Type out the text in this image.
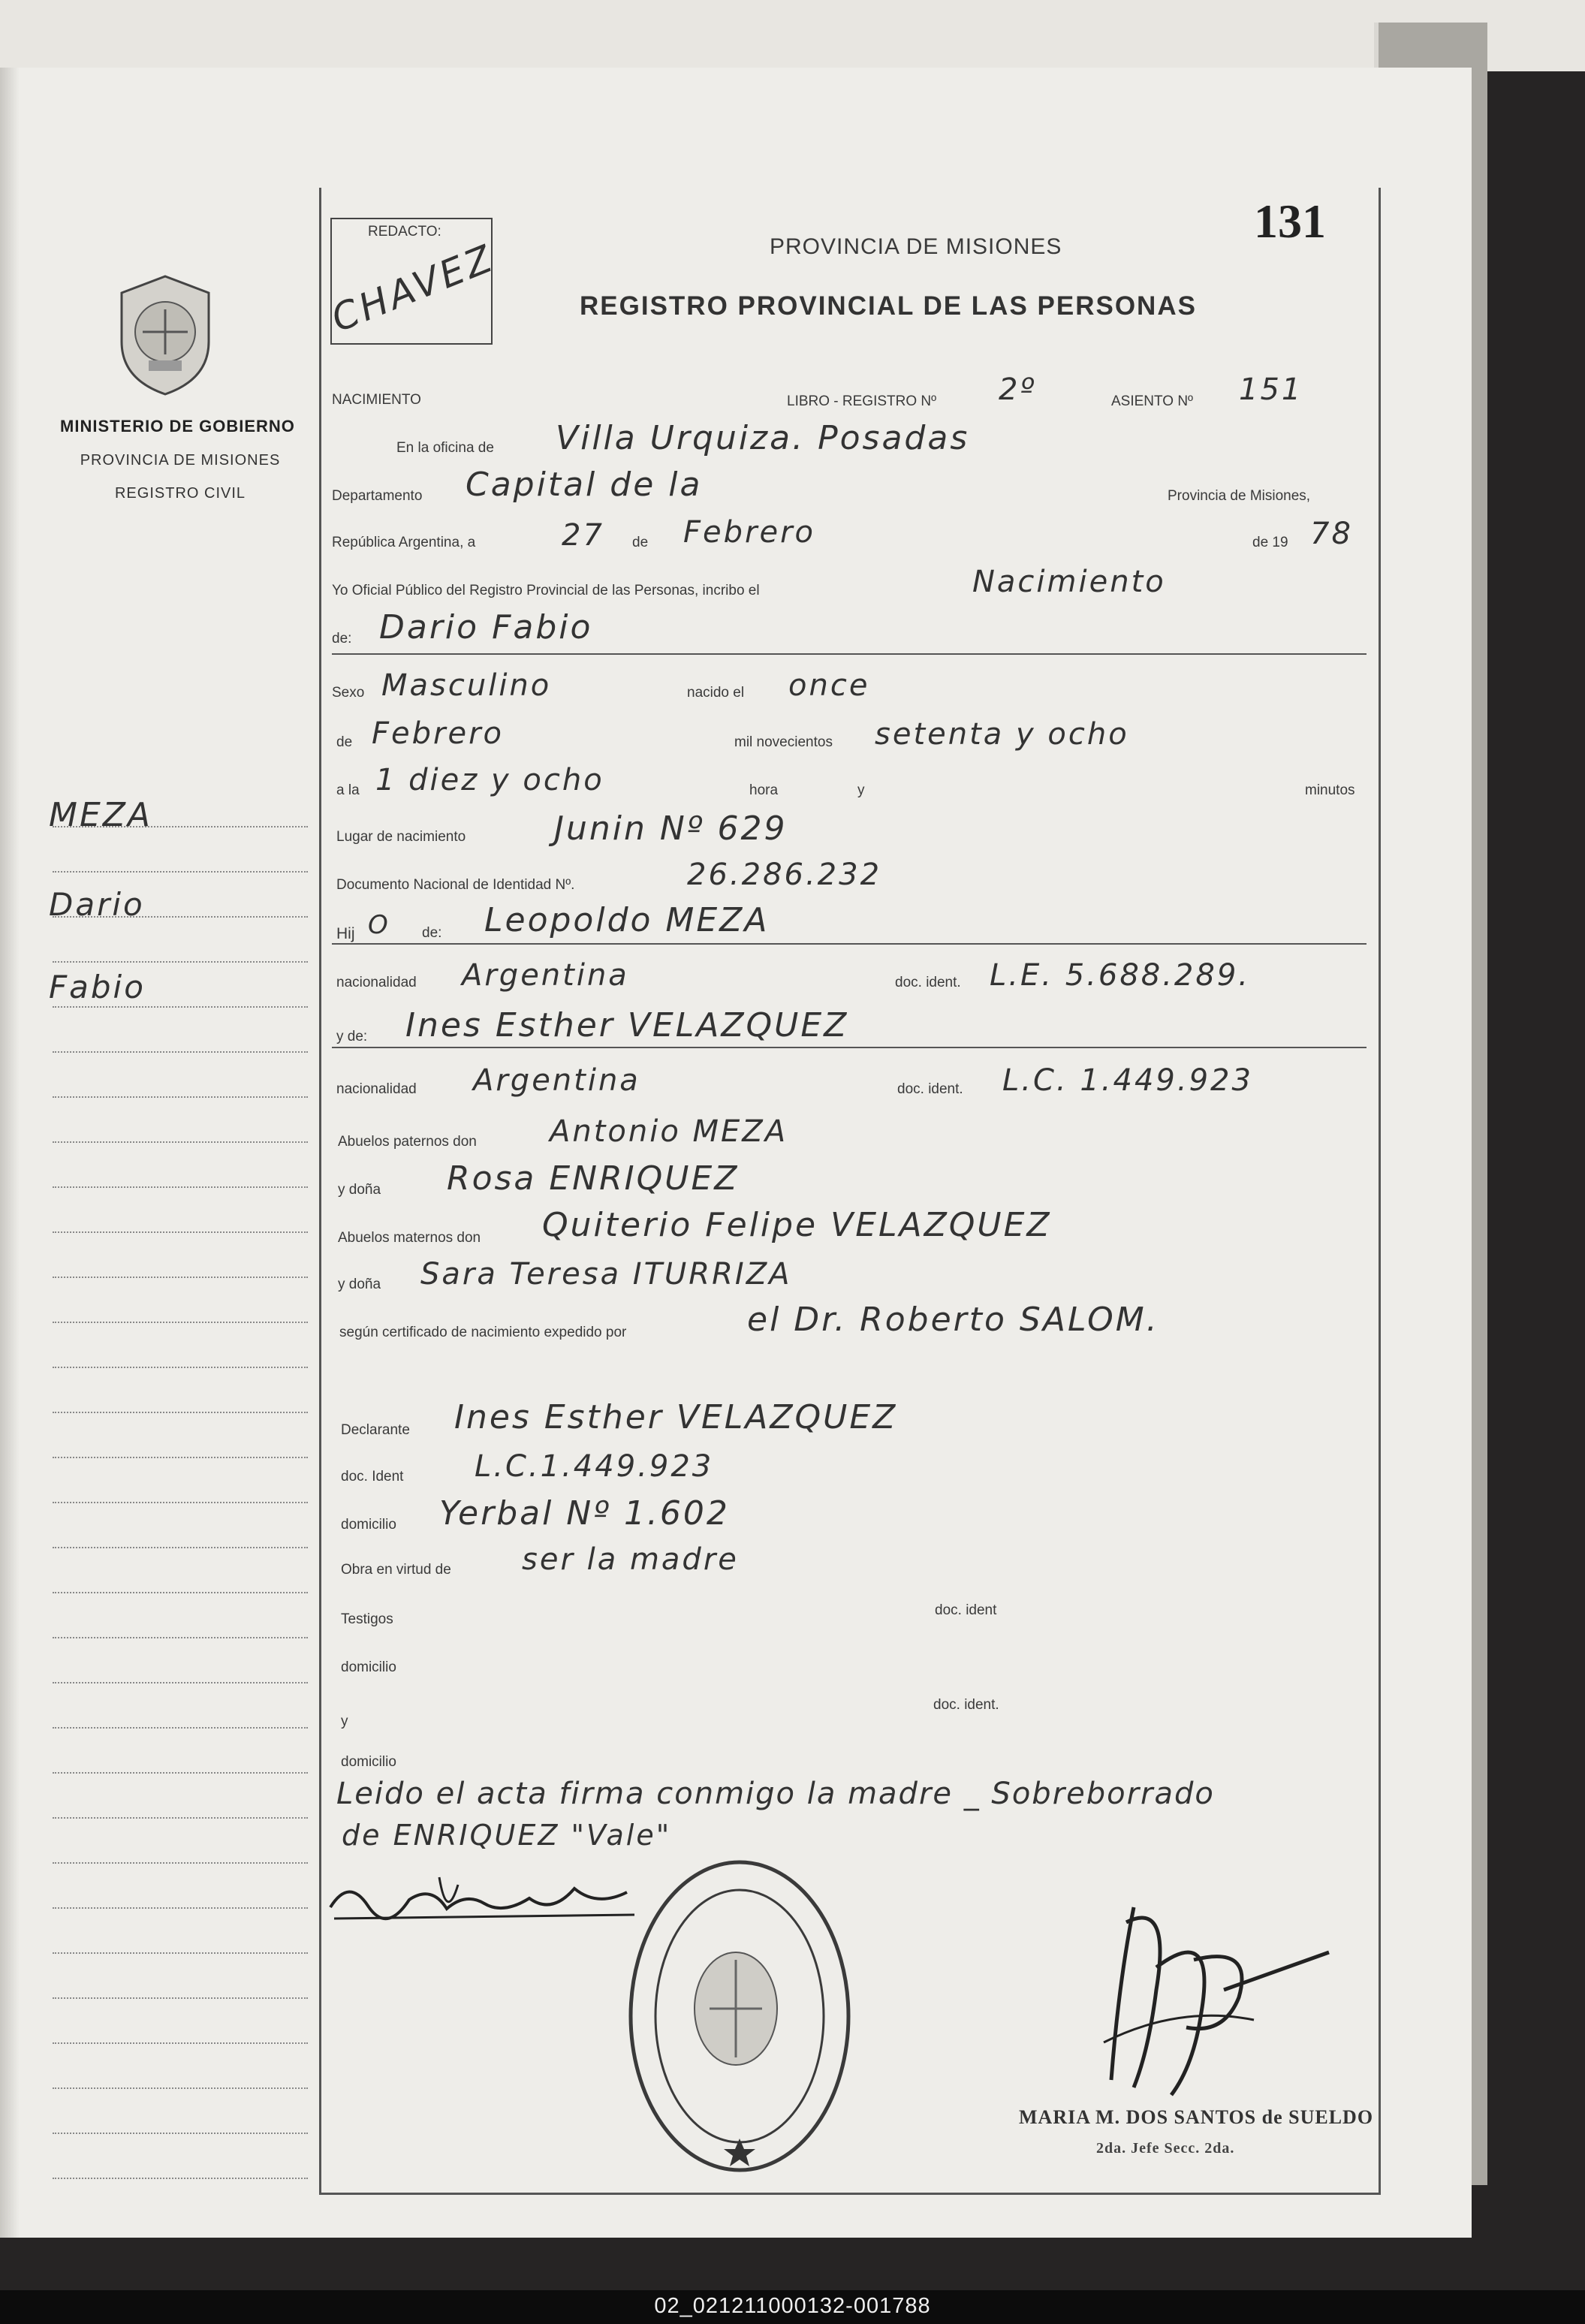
MINISTERIO DE GOBIERNO
PROVINCIA DE MISIONES
REGISTRO CIVIL
MEZA
Dario
Fabio
REDACTO:
CHAVEZ
131
PROVINCIA DE MISIONES
REGISTRO PROVINCIAL DE LAS PERSONAS
NACIMIENTO	LIBRO - REGISTRO Nº 2º	ASIENTO Nº 151
En la oficina de Villa Urquiza. Posadas
Departamento Capital de la	Provincia de Misiones,
República Argentina, a	27 de Febrero	de 19 78
Yo Oficial Público del Registro Provincial de las Personas, incribo el	Nacimiento
de: Dario Fabio
Sexo Masculino	nacido el once
de Febrero	mil novecientos setenta y ocho
a la 1 diez y ocho	hora	y	minutos
Lugar de nacimiento	Junin Nº 629
Documento Nacional de Identidad Nº.	26.286.232
Hij O de: Leopoldo MEZA
nacionalidad Argentina	doc. ident. L.E. 5.688.289.
y de: Ines Esther VELAZQUEZ
nacionalidad Argentina	doc. ident. L.C. 1.449.923
Abuelos paternos don Antonio MEZA
y doña Rosa ENRIQUEZ
Abuelos maternos don Quiterio Felipe VELAZQUEZ
y doña Sara Teresa ITURRIZA
según certificado de nacimiento expedido por	el Dr. Roberto SALOM.
Declarante Ines Esther VELAZQUEZ
doc. Ident L.C.1.449.923
domicilio Yerbal Nº 1.602
Obra en virtud de ser la madre
Testigos
doc. ident
domicilio
y
doc. ident.
domicilio
Leido el acta firma conmigo la madre _ Sobreborrado
de ENRIQUEZ "Vale"
MARIA M. DOS SANTOS de SUELDO
2da. Jefe Secc. 2da.
02_021211000132-001788
